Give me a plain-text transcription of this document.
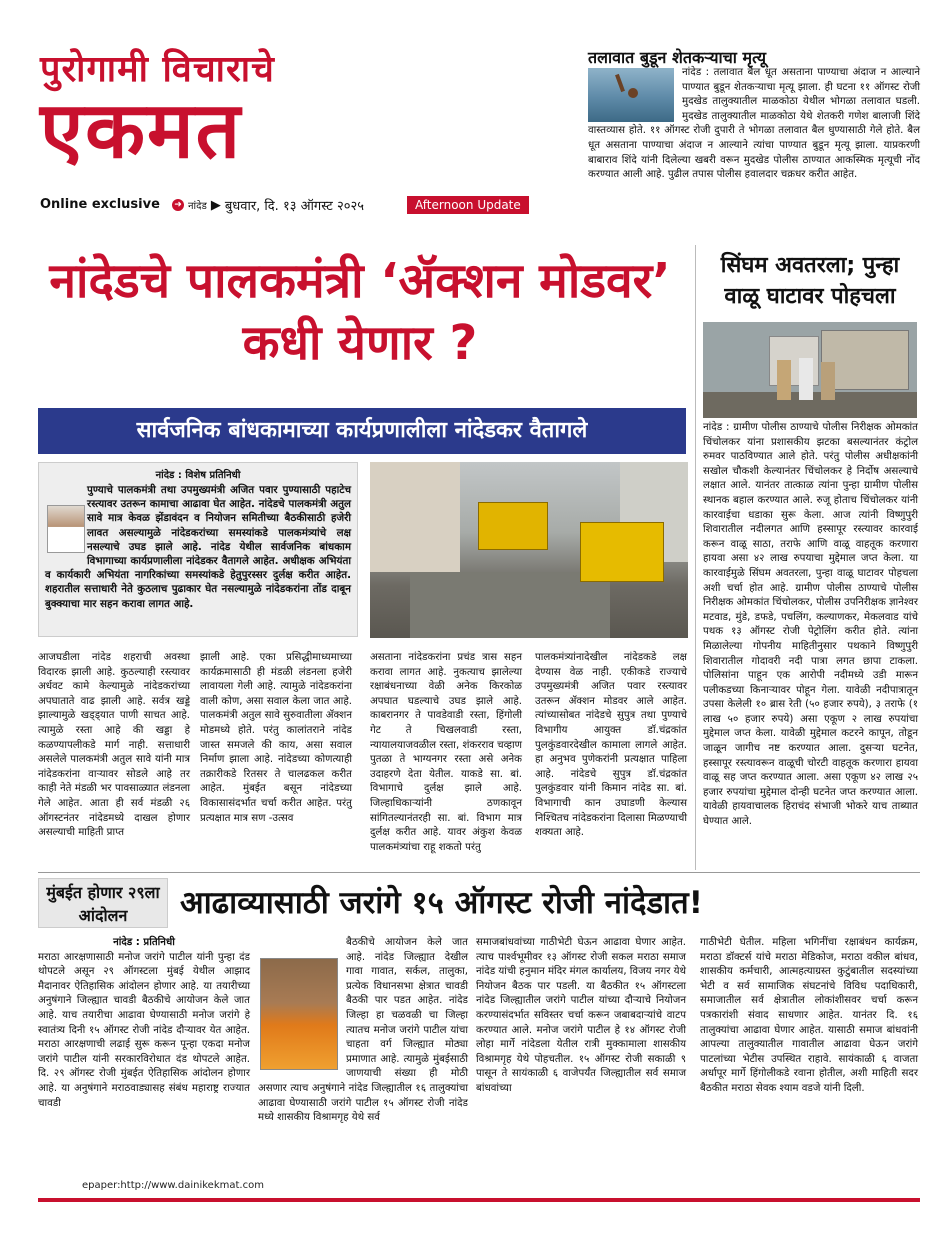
पुरोगामी विचाराचे
एकमत
Online exclusive ➜ नांदेड ▶ बुधवार, दि. १३ ऑगस्ट २०२५	Afternoon Update
तलावात बुडून शेतकऱ्याचा मृत्यू
नांदेड : तलावात बैल धूत असताना पाण्याचा अंदाज न आल्याने पाण्यात बुडून शेतकऱ्याचा मृत्यू झाला. ही घटना ११ ऑगस्ट रोजी मुदखेड तालुक्यातील माळकोठा येथील भोगळा तलावात घडली. मुदखेड तालुक्यातील माळकोठा येथे शेतकरी गणेश बालाजी शिंदे वास्तव्यास होते. ११ ऑगस्ट रोजी दुपारी ते भोगळा तलावात बैल धुण्यासाठी गेले होते. बैल धूत असताना पाण्याचा अंदाज न आल्याने त्यांचा पाण्यात बुडून मृत्यू झाला. याप्रकरणी बाबाराव शिंदे यांनी दिलेल्या खबरी वरून मुदखेड पोलीस ठाण्यात आकस्मिक मृत्यूची नोंद करण्यात आली आहे. पुढील तपास पोलीस हवालदार चक्रधर करीत आहेत.
नांदेडचे पालकमंत्री ‘ॲक्शन मोडवर’ कधी येणार ?
सार्वजनिक बांधकामाच्या कार्यप्रणालीला नांदेडकर वैतागले
सिंघम अवतरला; पुन्हा वाळू घाटावर पोहचला
नांदेड : ग्रामीण पोलीस ठाण्याचे पोलीस निरीक्षक ओमकांत चिंचोलकर यांना प्रशासकीय झटका बसल्यानंतर कंट्रोल रुमवर पाठविण्यात आले होते. परंतु पोलीस अधीक्षकांनी सखोल चौकशी केल्यानंतर चिंचोलकर हे निर्दोष असल्याचे लक्षात आले. यानंतर तात्काळ त्यांना पुन्हा ग्रामीण पोलीस स्थानक बहाल करण्यात आले. रुजू होताच चिंचोलकर यांनी कारवाईचा धडाका सुरू केला. आज त्यांनी विष्णुपुरी शिवारातील नदीलगत आणि हस्सापूर रस्त्यावर कारवाई करून वाळू साठा, तराफे आणि वाळू वाहतूक करणारा हायवा असा ४२ लाख रुपयाचा मुद्देमाल जप्त केला. या कारवाईमुळे सिंघम अवतरला, पुन्हा वाळू घाटावर पोहचला अशी चर्चा होत आहे. ग्रामीण पोलीस ठाण्याचे पोलीस निरीक्षक ओमकांत चिंचोलकर, पोलीस उपनिरीक्षक ज्ञानेश्वर मटवाड, मुंडे, डफडे, पचलिंग, कल्याणकर, मेकलवाड यांचे पथक १३ ऑगस्ट रोजी पेट्रोलिंग करीत होते. त्यांना मिळालेल्या गोपनीय माहितीनुसार पथकाने विष्णुपुरी शिवारातील गोदावरी नदी पात्रा लगत छापा टाकला. पोलिसांना पाहून एक आरोपी नदीमध्ये उडी मारून पलीकडच्या किनाऱ्यावर पोहून गेला. यावेळी नदीपात्रातून उपसा केलेली १० ब्रास रेती (५० हजार रुपये), ३ तराफे (१ लाख ५० हजार रुपये) असा एकूण २ लाख रुपयांचा मुद्देमाल जप्त केला. यावेळी मुद्देमाल कटरने कापून, तोडून जाळून जागीच नष्ट करण्यात आला. दुसऱ्या घटनेत, हस्सापूर रस्त्यावरून वाळूची चोरटी वाहतूक करणारा हायवा वाळू सह जप्त करण्यात आला. असा एकूण ४२ लाख २५ हजार रुपयांचा मुद्देमाल दोन्ही घटनेत जप्त करण्यात आला. यावेळी हायवाचालक हिराचंद संभाजी भोकरे याच ताब्यात घेण्यात आले.
नांदेड : विशेष प्रतिनिधी
पुण्याचे पालकमंत्री तथा उपमुख्यमंत्री अजित पवार पुण्यासाठी पहाटेच रस्त्यावर उतरून कामाचा आढावा घेत आहेत. नांदेडचे पालकमंत्री अतुल सावे मात्र केवळ झेंडावंदन व नियोजन समितीच्या बैठकीसाठी हजेरी लावत असल्यामुळे नांदेडकरांच्या समस्यांकडे पालकमंत्र्यांचे लक्ष नसल्याचे उघड झाले आहे. नांदेड येथील सार्वजनिक बांधकाम विभागाच्या कार्यप्रणालीला नांदेडकर वैतागले आहेत. अधीक्षक अभियंता व कार्यकारी अभियंता नागरिकांच्या समस्यांकडे हेतुपुरस्सर दुर्लक्ष करीत आहेत. शहरातील सत्ताधारी नेते कुठलाच पुढाकार घेत नसल्यामुळे नांदेडकरांना तोंड दाबून बुक्क्याचा मार सहन करावा लागत आहे.
आजघडीला नांदेड शहराची अवस्था विदारक झाली आहे. कुठल्याही रस्त्यावर अर्धवट कामे केल्यामुळे नांदेडकरांच्या अपघाताते वाढ झाली आहे. सर्वत्र खड्डे झाल्यामुळे खड्ड्यात पाणी साचत आहे. त्यामुळे रस्ता आहे की खड्डा हे कळण्यापलीकडे मार्ग नाही. सत्ताधारी असलेले पालकमंत्री अतुल सावे यांनी मात्र नांदेडकरांना वाऱ्यावर सोडले आहे तर काही नेते मंडळी भर पावसाळ्यात लंडनला गेले आहेत. आता ही सर्व मंडळी २६ ऑगस्टनंतर नांदेडमध्ये दाखल होणार असल्याची माहिती प्राप्त
झाली आहे. एका प्रसिद्धीमाध्यमाच्या कार्यक्रमासाठी ही मंडळी लंडनला हजेरी लावायला गेली आहे. त्यामुळे नांदेडकरांना वाली कोण, असा सवाल केला जात आहे. पालकमंत्री अतुल सावे सुरुवातीला ॲक्शन मोडमध्ये होते. परंतु कालांतराने नांदेड जास्त समजले की काय, असा सवाल निर्माण झाला आहे. नांदेडच्या कोणत्याही तक्रारीकडे रितसर ते चालढकल करीत आहेत. मुंबईत बसून नांदेडच्या विकासासंदर्भात चर्चा करीत आहेत. परंतु प्रत्यक्षात मात्र सण -उत्सव
असताना नांदेडकरांना प्रचंड त्रास सहन करावा लागत आहे. नुकत्याच झालेल्या रक्षाबंधनाच्या वेळी अनेक किरकोळ अपघात घडल्याचे उघड झाले आहे. काबरानगर ते पावडेवाडी रस्ता, हिंगोली गेट ते चिखलवाडी रस्ता, न्यायालयाजवळील रस्ता, शंकरराव चव्हाण पुतळा ते भाग्यनगर रस्ता असे अनेक उदाहरणे देता येतील. याकडे सा. बां. विभागाचे दुर्लक्ष झाले आहे. जिल्हाधिकाऱ्यांनी ठणकावून सांगितल्यानंतरही सा. बां. विभाग मात्र दुर्लक्ष करीत आहे. यावर अंकुश केवळ पालकमंत्र्यांचा राहू शकतो परंतु
पालकमंत्र्यांनादेखील नांदेडकडे लक्ष देण्यास वेळ नाही. एकीकडे राज्याचे उपमुख्यमंत्री अजित पवार रस्त्यावर उतरून ॲक्शन मोडवर आले आहेत. त्यांच्यासोबत नांदेडचे सुपुत्र तथा पुण्याचे विभागीय आयुक्त डॉ.चंद्रकांत पुलकुंडवारदेखील कामाला लागले आहेत. हा अनुभव पुणेकरांनी प्रत्यक्षात पाहिला आहे. नांदेडचे सुपुत्र डॉ.चंद्रकांत पुलकुंडवार यांनी किमान नांदेड सा. बां. विभागाची कान उघाडणी केल्यास निश्चितच नांदेडकरांना दिलासा मिळण्याची शक्यता आहे.
मुंबईत होणार २९ला आंदोलन	आढाव्यासाठी जरांगे १५ ऑगस्ट रोजी नांदेडात!
नांदेड : प्रतिनिधी
मराठा आरक्षणासाठी मनोज जरांगे पाटील यांनी पुन्हा दंड थोपटले असून २९ ऑगस्टला मुंबई येथील आझाद मैदानावर ऐतिहासिक आंदोलन होणार आहे. या तयारीच्या अनुषंगाने जिल्ह्यात चावडी बैठकीचे आयोजन केले जात आहे. याच तयारीचा आढावा घेण्यासाठी मनोज जरांगे हे स्वातंत्र्य दिनी १५ ऑगस्ट रोजी नांदेड दौऱ्यावर येत आहेत. मराठा आरक्षणाची लढाई सुरू करून पून्हा एकदा मनोज जरांगे पाटील यांनी सरकारविरोधात दंड थोपटले आहेत. दि. २९ ऑगस्ट रोजी मुंबईत ऐतिहासिक आंदोलन होणार आहे. या अनुषंगाने मराठवाड्यासह संबंध महाराष्ट्र राज्यात चावडी
बैठकीचे आयोजन केले जात आहे. नांदेड जिल्ह्यात देखील गावा गावात, सर्कल, तालुका, प्रत्येक विधानसभा क्षेत्रात चावडी बैठकी पार पडत आहेत. नांदेड जिल्हा हा चळवळी चा जिल्हा त्यातच मनोज जरांगे पाटील यांचा चाहता वर्ग जिल्ह्यात मोठ्या प्रमाणात आहे. त्यामुळे मुंबईसाठी जाणयाची संख्या ही मोठी असणार त्याच अनुषंगाने नांदेड जिल्ह्यातील १६ तालुक्यांचा आढावा घेण्यासाठी जरांगे पाटील १५ ऑगस्ट रोजी नांदेड मध्ये शासकीय विश्रामगृह येथे सर्व
समाजबांधवांच्या गाठीभेटी घेऊन आढावा घेणार आहेत. त्याच पार्श्वभूमीवर १३ ऑगस्ट रोजी सकल मराठा समाज नांदेड यांची हनुमान मंदिर मंगल कार्यालय, विजय नगर येथे नियोजन बैठक पार पडली. या बैठकीत १५ ऑगस्टला नांदेड जिल्ह्यातील जरांगे पाटील यांच्या दौऱ्याचे नियोजन करण्यासंदर्भात सविस्तर चर्चा करून जबाबदाऱ्यांचे वाटप करण्यात आले. मनोज जरांगे पाटील हे १४ ऑगस्ट रोजी लोहा मार्गे नांदेडला येतील रात्री मुक्कामाला शासकीय विश्रामगृह येथे पोहचतील. १५ ऑगस्ट रोजी सकाळी ९ पासून ते सायंकाळी ६ वाजेपर्यंत जिल्ह्यातील सर्व समाज बांधवांच्या
गाठीभेटी घेतील. महिला भगिनींचा रक्षाबंधन कार्यक्रम, मराठा डॉक्टर्स यांचे मराठा मेडिकोज, मराठा वकील बांधव, शासकीय कर्मचारी, आत्महत्याग्रस्त कुटुंबातील सदस्यांच्या भेटी व सर्व सामाजिक संघटनांचे विविध पदाधिकारी, समाजातील सर्व क्षेत्रातील लोकांशीसवर चर्चा करून पत्रकारांशी संवाद साधणार आहेत. यानंतर दि. १६ तालुक्यांचा आढावा घेणार आहेत. यासाठी समाज बांधवांनी आपल्या तालुक्यातील गावातील आढावा घेऊन जरांगे पाटलांच्या भेटीस उपस्थित राहावे. सायंकाळी ६ वाजता अर्धापूर मार्गे हिंगोलीकडे रवाना होतील, अशी माहिती सदर बैठकीत मराठा सेवक श्याम वडजे यांनी दिली.
epaper:http://www.dainikekmat.com
